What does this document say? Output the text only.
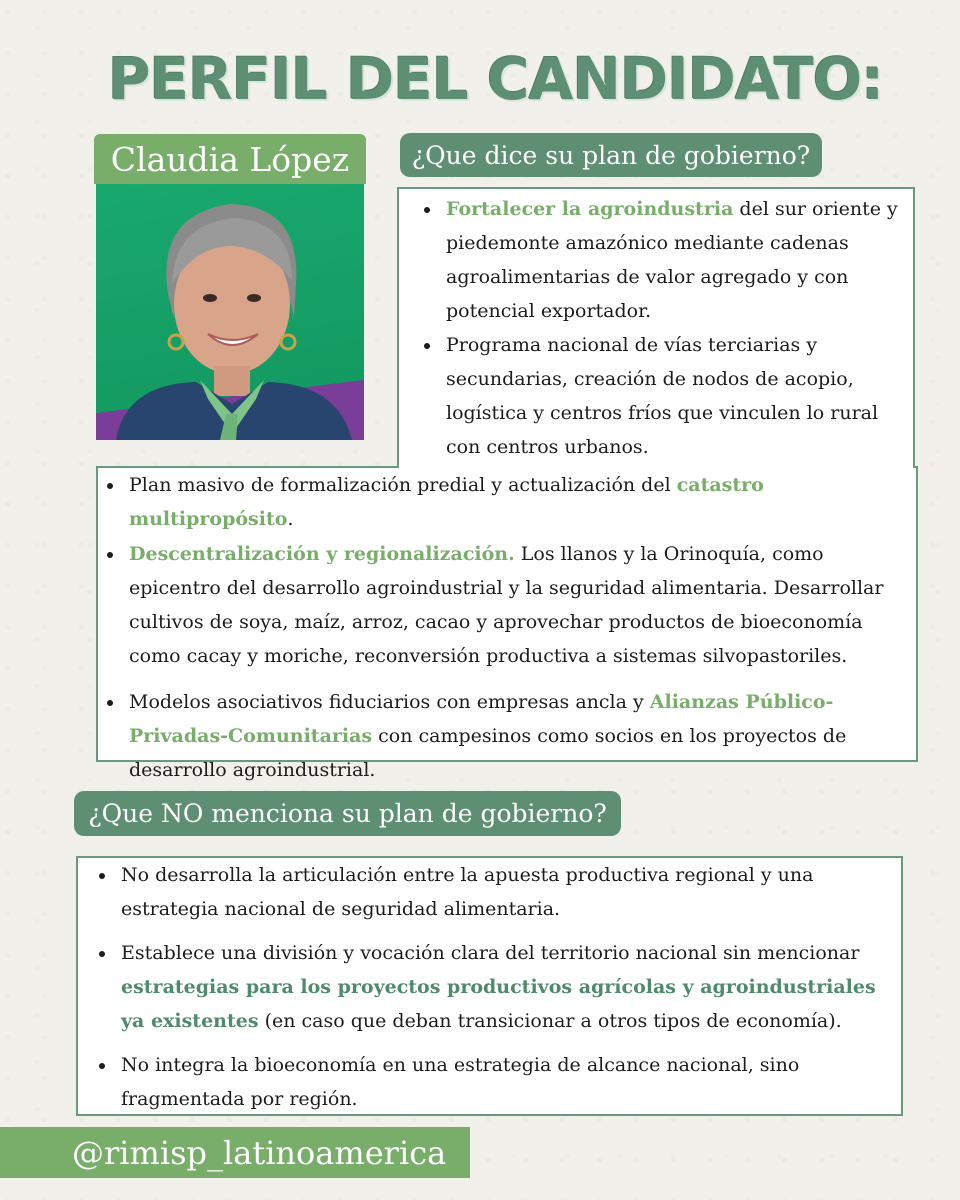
PERFIL DEL CANDIDATO:
Claudia López	¿Que dice su plan de gobierno?
Fortalecer la agroindustria del sur oriente y piedemonte amazónico mediante cadenas agroalimentarias de valor agregado y con potencial exportador.
Programa nacional de vías terciarias y secundarias, creación de nodos de acopio, logística y centros fríos que vinculen lo rural con centros urbanos.
Plan masivo de formalización predial y actualización del catastro multipropósito.
Descentralización y regionalización. Los llanos y la Orinoquía, como epicentro del desarrollo agroindustrial y la seguridad alimentaria. Desarrollar cultivos de soya, maíz, arroz, cacao y aprovechar productos de bioeconomía como cacay y moriche, reconversión productiva a sistemas silvopastoriles.
Modelos asociativos fiduciarios con empresas ancla y Alianzas Público-Privadas-Comunitarias con campesinos como socios en los proyectos de desarrollo agroindustrial.
¿Que NO menciona su plan de gobierno?
No desarrolla la articulación entre la apuesta productiva regional y una estrategia nacional de seguridad alimentaria.
Establece una división y vocación clara del territorio nacional sin mencionar estrategias para los proyectos productivos agrícolas y agroindustriales ya existentes (en caso que deban transicionar a otros tipos de economía).
No integra la bioeconomía en una estrategia de alcance nacional, sino fragmentada por región.
@rimisp_latinoamerica
